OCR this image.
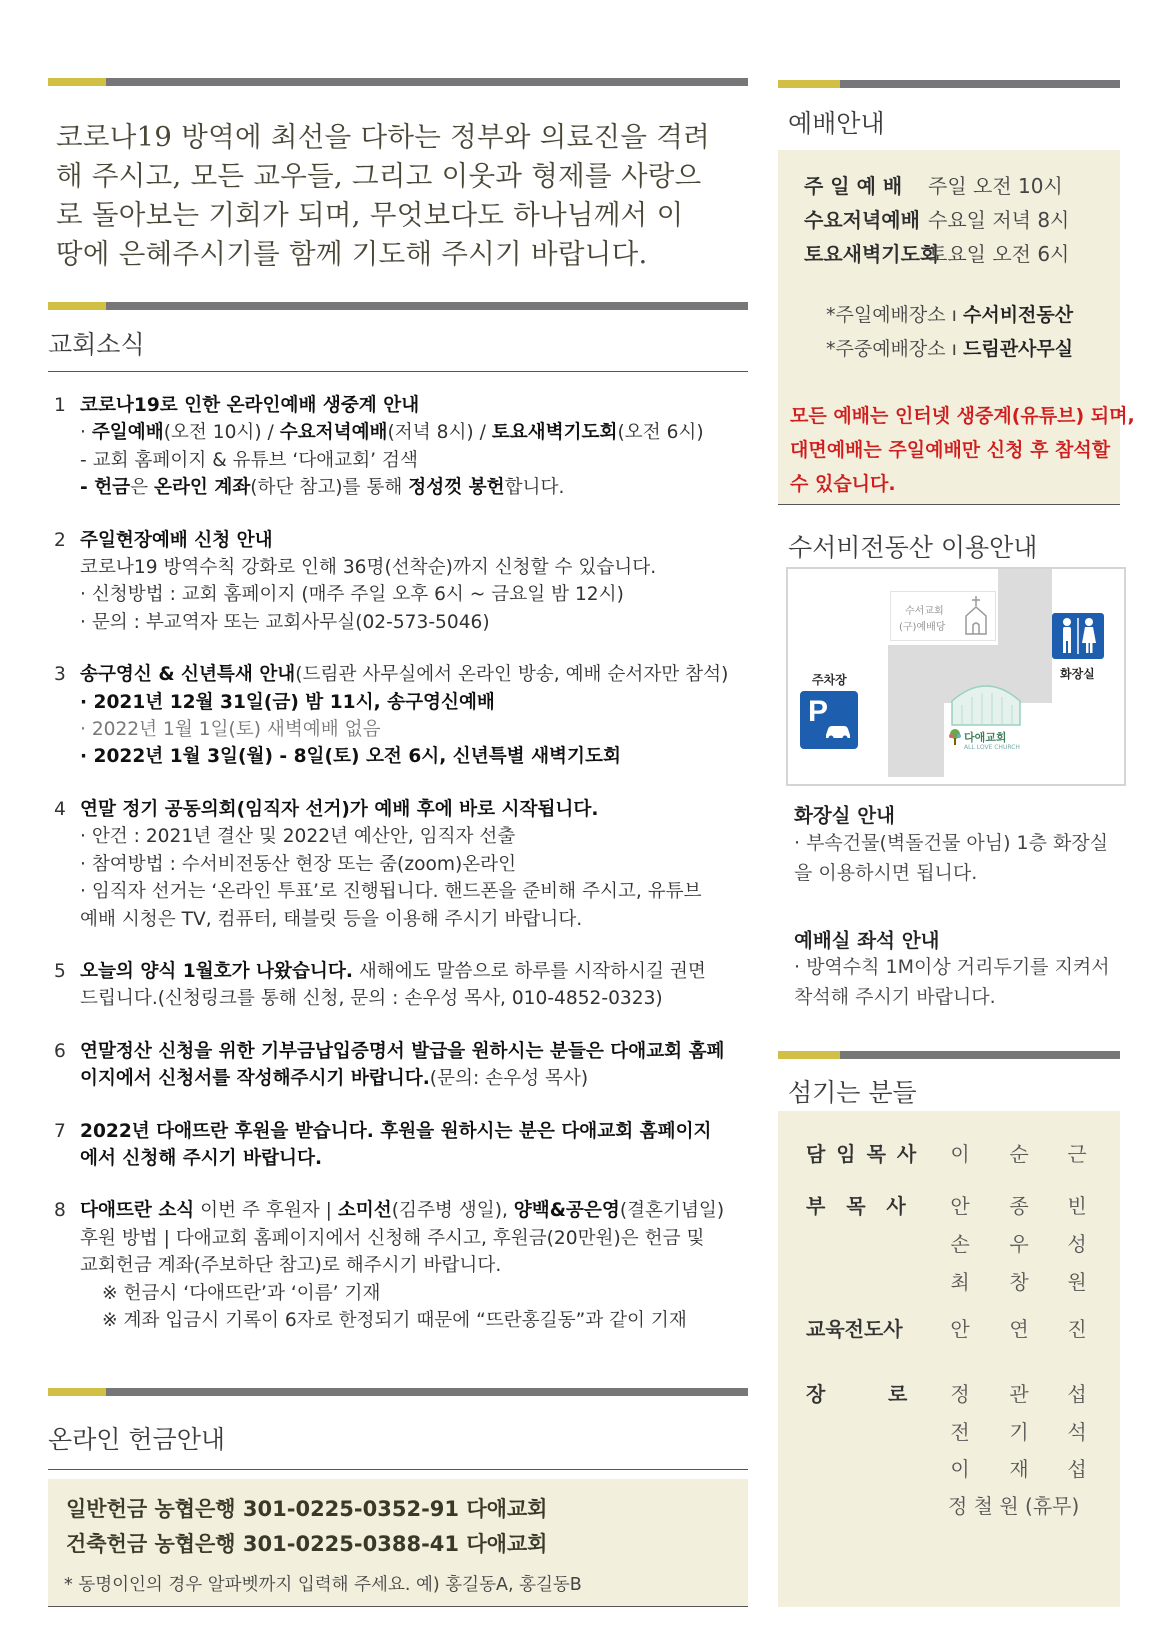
코로나19 방역에 최선을 다하는 정부와 의료진을 격려
해 주시고, 모든 교우들, 그리고 이웃과 형제를 사랑으
로 돌아보는 기회가 되며, 무엇보다도 하나님께서 이
땅에 은혜주시기를 함께 기도해 주시기 바랍니다.
교회소식
1 코로나19로 인한 온라인예배 생중계 안내
· 주일예배(오전 10시) / 수요저녁예배(저녁 8시) / 토요새벽기도회(오전 6시)
- 교회 홈페이지 & 유튜브 ‘다애교회’ 검색
- 헌금은 온라인 계좌(하단 참고)를 통해 정성껏 봉헌합니다.
2 주일현장예배 신청 안내
코로나19 방역수칙 강화로 인해 36명(선착순)까지 신청할 수 있습니다.
· 신청방법 : 교회 홈페이지 (매주 주일 오후 6시 ~ 금요일 밤 12시)
· 문의 : 부교역자 또는 교회사무실(02-573-5046)
3 송구영신 & 신년특새 안내(드림관 사무실에서 온라인 방송, 예배 순서자만 참석)
· 2021년 12월 31일(금) 밤 11시, 송구영신예배
· 2022년 1월 1일(토) 새벽예배 없음
· 2022년 1월 3일(월) - 8일(토) 오전 6시, 신년특별 새벽기도회
4 연말 정기 공동의회(임직자 선거)가 예배 후에 바로 시작됩니다.
· 안건 : 2021년 결산 및 2022년 예산안, 임직자 선출
· 참여방법 : 수서비전동산 현장 또는 줌(zoom)온라인
· 임직자 선거는 ‘온라인 투표’로 진행됩니다. 핸드폰을 준비해 주시고, 유튜브
예배 시청은 TV, 컴퓨터, 태블릿 등을 이용해 주시기 바랍니다.
5 오늘의 양식 1월호가 나왔습니다. 새해에도 말씀으로 하루를 시작하시길 권면
드립니다.(신청링크를 통해 신청, 문의 : 손우성 목사, 010-4852-0323)
6 연말정산 신청을 위한 기부금납입증명서 발급을 원하시는 분들은 다애교회 홈페
이지에서 신청서를 작성해주시기 바랍니다.(문의: 손우성 목사)
7 2022년 다애뜨란 후원을 받습니다. 후원을 원하시는 분은 다애교회 홈페이지
에서 신청해 주시기 바랍니다.
8 다애뜨란 소식 이번 주 후원자 | 소미선(김주병 생일), 양백&공은영(결혼기념일)
후원 방법 | 다애교회 홈페이지에서 신청해 주시고, 후원금(20만원)은 헌금 및
교회헌금 계좌(주보하단 참고)로 해주시기 바랍니다.
※ 헌금시 ‘다애뜨란’과 ‘이름’ 기재
※ 계좌 입금시 기록이 6자로 한정되기 때문에 “뜨란홍길동”과 같이 기재
온라인 헌금안내
일반헌금 농협은행 301-0225-0352-91 다애교회
건축헌금 농협은행 301-0225-0388-41 다애교회
* 동명이인의 경우 알파벳까지 입력해 주세요. 예) 홍길동A, 홍길동B
예배안내
주 일 예 배 주일 오전 10시
수요저녁예배 수요일 저녁 8시
토요새벽기도회토요일 오전 6시
*주일예배장소 ı 수서비전동산
*주중예배장소 ı 드림관사무실
모든 예배는 인터넷 생중계(유튜브) 되며,
대면예배는 주일예배만 신청 후 참석할
수 있습니다.
수서비전동산 이용안내
수서교회
(구)예배당
주차장
P
화장실
다애교회
ALL LOVE CHURCH
화장실 안내
· 부속건물(벽돌건물 아님) 1층 화장실을 이용하시면 됩니다.
예배실 좌석 안내
· 방역수칙 1M이상 거리두기를 지켜서 착석해 주시기 바랍니다.
섬기는 분들
담 임 목 사 이 순 근
부   목   사 안 종 빈
손 우 성
최 창 원
교육전도사 안 연 진
장         로 정 관 섭
전 기 석
이 재 섭
정 철 원 (휴무)
